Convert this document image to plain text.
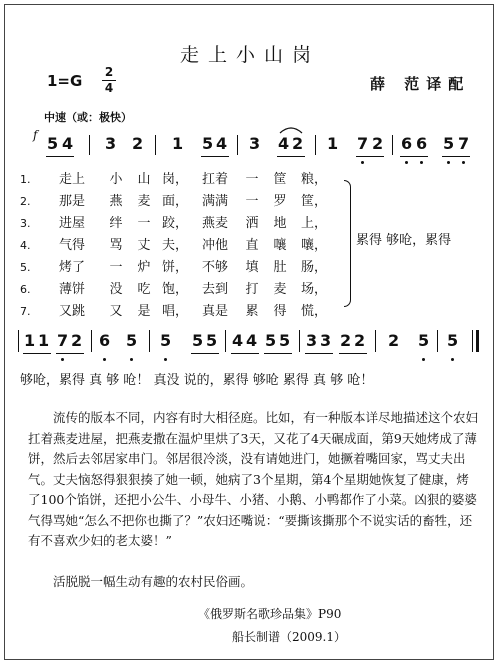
走上小山岗
1=G 2
4	薛 范译配
中速（或：极快）
f 5 4 3 2 1 5 4 3 4 2 1 7 2 6 6 5 7
1. 走上 小 山 岗， 扛着 一 筐 粮，
2. 那是 燕 麦 面， 满满 一 罗 筐，
3. 进屋 绊 一 跤， 燕麦 洒 地 上，
4. 气得 骂 丈 夫， 冲他 直 嚷 嚷，
5. 烤了 一 炉 饼， 不够 填 肚 肠，
6. 薄饼 没 吃 饱， 去到 打 麦 场，
7. 又跳 又 是 唱， 真是 累 得 慌，
累得 够呛，累得
1 1 7 2 6 5 5 5 5 4 4 5 5 3 3 2 2 2 5 5
够呛，累得 真 够 呛！ 真没 说的，累得 够呛 累得 真 够 呛！
流传的版本不同，内容有时大相径庭。比如，有一种版本详尽地描述这个农妇扛着燕麦进屋，把燕麦撒在温炉里烘了3天，又花了4天碾成面，第9天她烤成了薄饼，然后去邻居家串门。邻居很冷淡，没有请她进门，她撅着嘴回家，骂丈夫出气。丈夫恼怒得狠狠揍了她一顿，她病了3个星期，第4个星期她恢复了健康，烤了100个馅饼，还把小公牛、小母牛、小猪、小鹅、小鸭都作了小菜。凶狠的婆婆气得骂她“怎么不把你也撕了？”农妇还嘴说：“要撕该撕那个不说实话的畜牲，还有不喜欢少妇的老太婆！”
活脱脱一幅生动有趣的农村民俗画。
《俄罗斯名歌珍品集》P90
船长制谱（2009.1）
